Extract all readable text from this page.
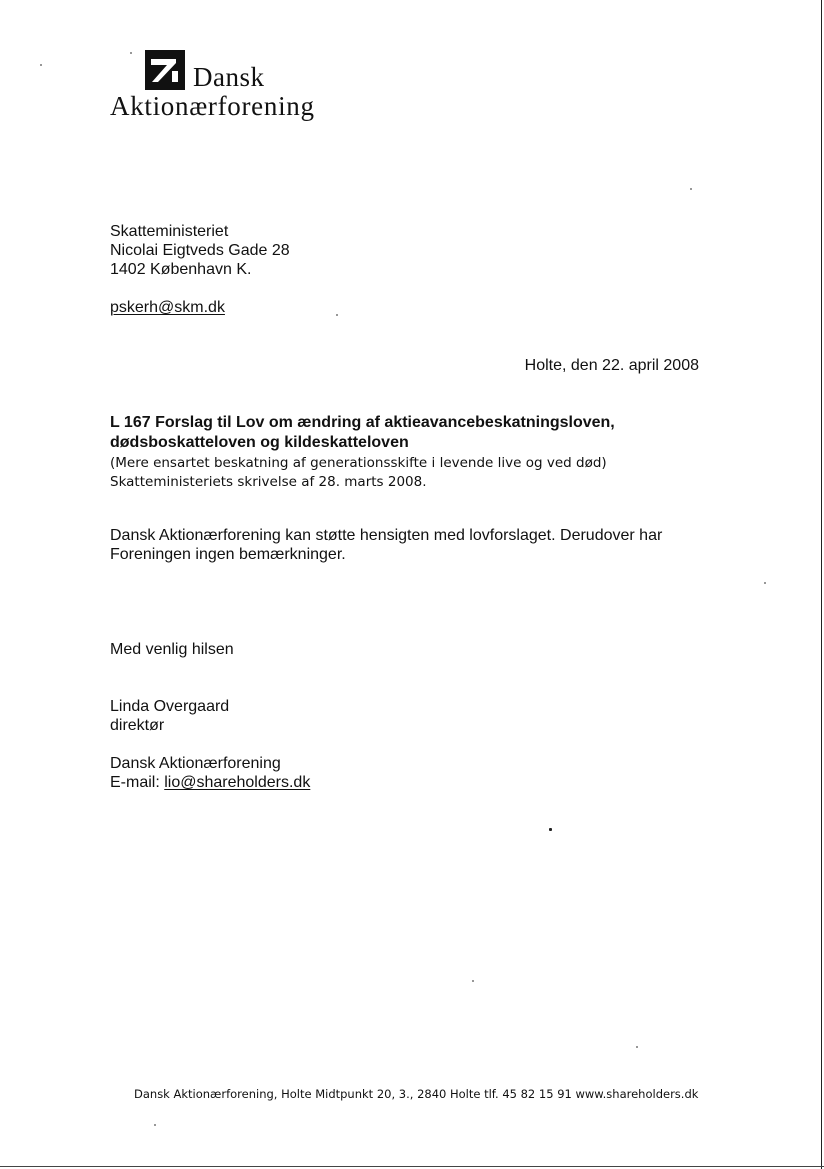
Dansk
Aktionærforening
Skatteministeriet
Nicolai Eigtveds Gade 28
1402 København K.
pskerh@skm.dk
Holte, den 22. april 2008
L 167 Forslag til Lov om ændring af aktieavancebeskatningsloven,
dødsboskatteloven og kildeskatteloven
(Mere ensartet beskatning af generationsskifte i levende live og ved død)
Skatteministeriets skrivelse af 28. marts 2008.
Dansk Aktionærforening kan støtte hensigten med lovforslaget. Derudover har
Foreningen ingen bemærkninger.
Med venlig hilsen
Linda Overgaard
direktør
Dansk Aktionærforening
E-mail: lio@shareholders.dk
Dansk Aktionærforening, Holte Midtpunkt 20, 3., 2840 Holte tlf. 45 82 15 91 www.shareholders.dk
